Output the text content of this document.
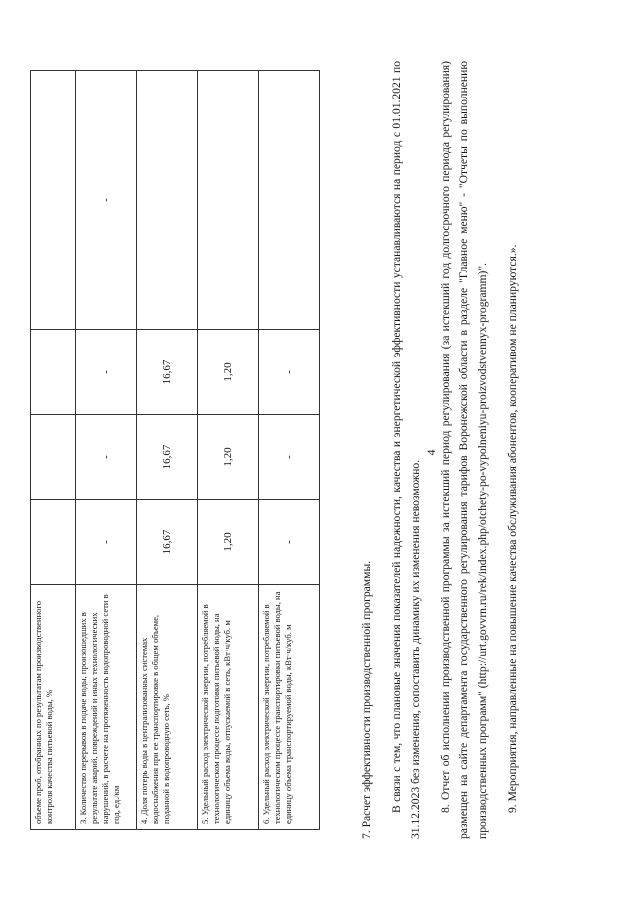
4
объеме проб, отобранных по результатам производственного контроля качества питьевой воды, %				
3. Количество перерывов в подаче воды, произошедших в результате аварий, повреждений и иных технологических нарушений, в расчете на протяженность водопроводной сети в год, ед./км	-	-	-	-
4. Доля потерь воды в централизованных системах водоснабжения при ее транспортировке в общем объеме, поданной в водопроводную сеть, %	16,67	16,67	16,67	
5. Удельный расход электрической энергии, потребляемой в технологическом процессе подготовки питьевой воды, на единицу объема воды, отпускаемой в сеть, кВт·ч/куб. м	1,20	1,20	1,20	
6. Удельный расход электрической энергии, потребляемой в технологическом процессе транспортировки питьевой воды, на единицу объема транспортируемой воды, кВт·ч/куб. м	-	-	-	

7. Расчет эффективности производственной программы. В связи с тем, что плановые значения показателей надежности, качества и энергетической эффективности устанавливаются на период с 01.01.2021 по 31.12.2023 без изменения, сопоставить динамику их изменения невозможно. 8. Отчет об исполнении производственной программы за истекший период регулирования (за истекший год долгосрочного периода регулирования) размещен на сайте департамента государственного регулирования тарифов Воронежской области в разделе "Главное меню" - "Отчеты по выполнению производственных программ" (http://urt.govvrn.ru/rek/index.php/otchety-po-vypolneniyu-proizvodstvennyx-programm)". 9. Мероприятия, направленные на повышение качества обслуживания абонентов, кооперативом не планируются.».
